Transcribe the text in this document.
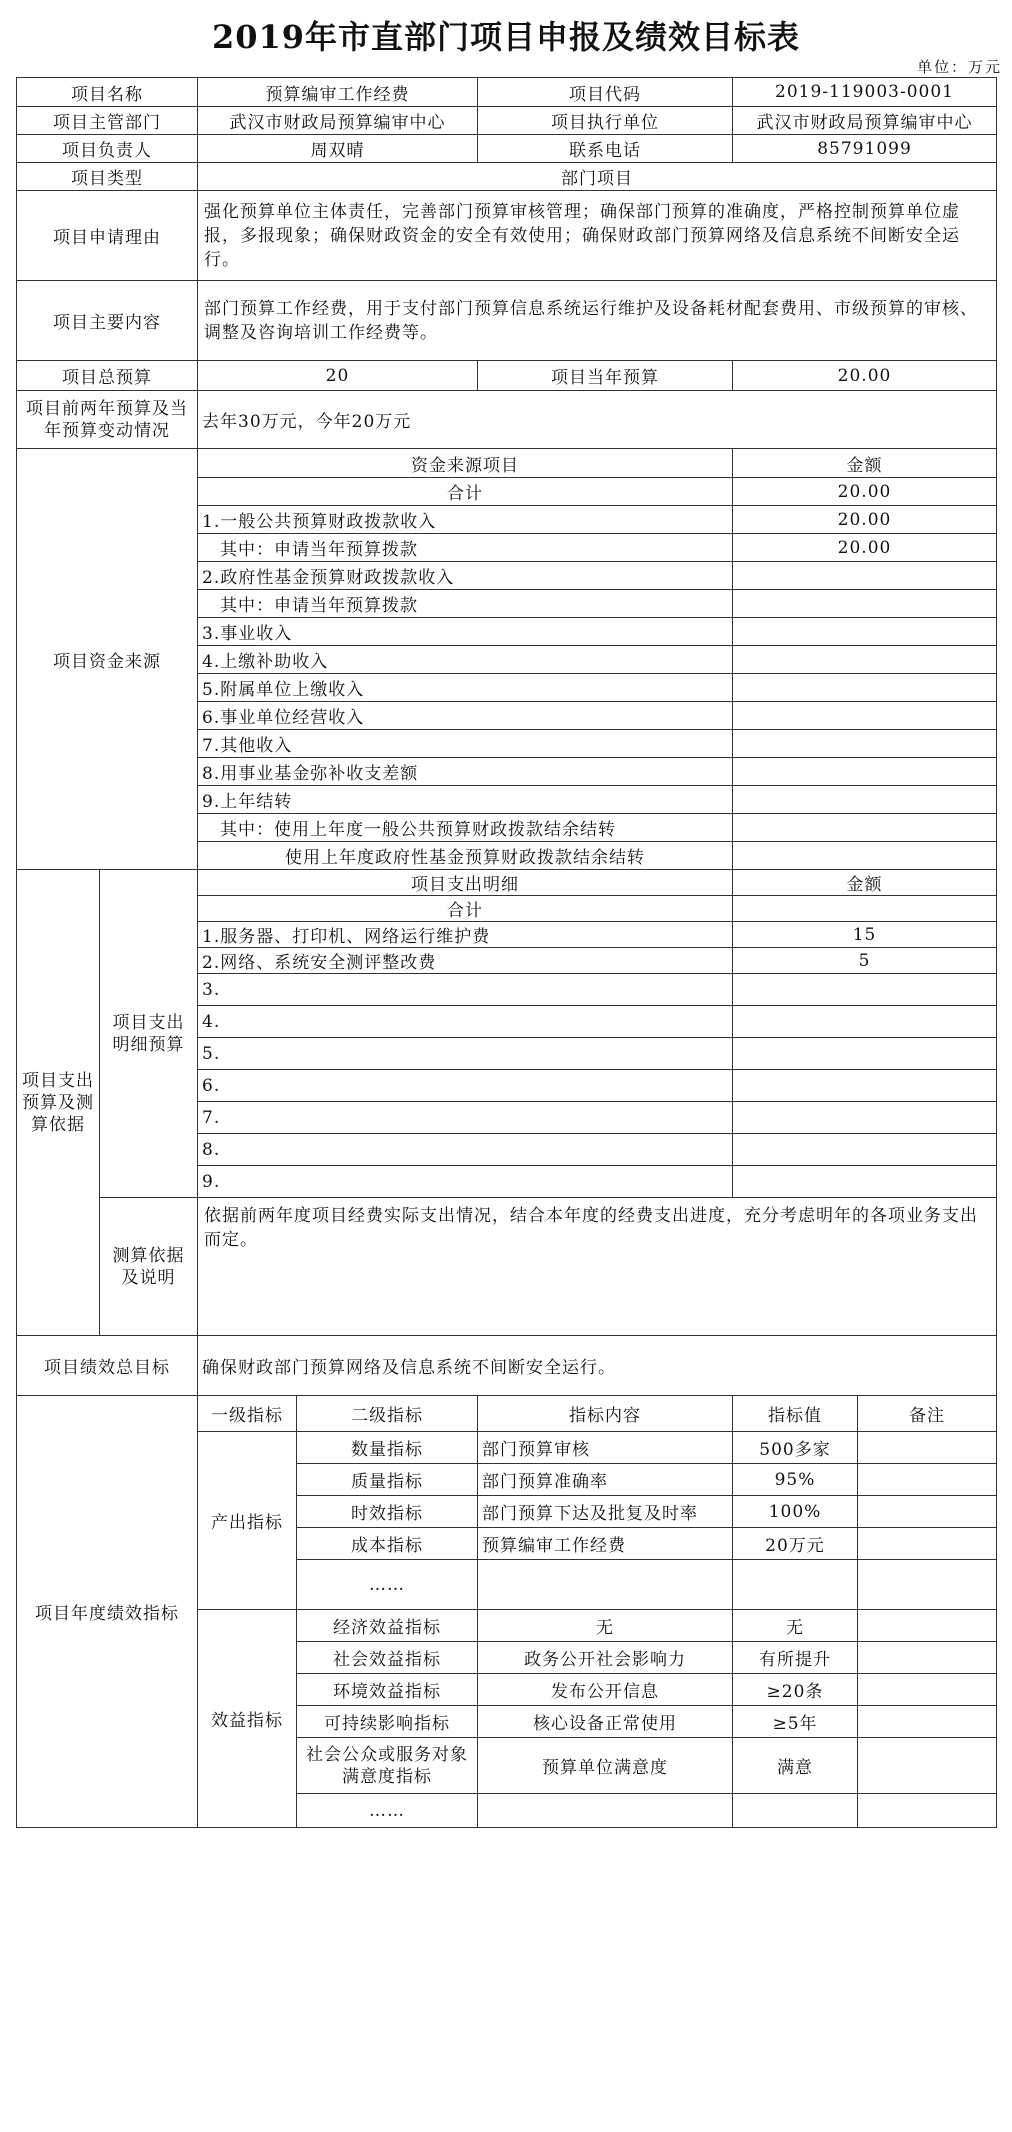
2019年市直部门项目申报及绩效目标表
单位：万元
项目名称		预算编审工作经费		项目代码	2019-119003-0001	
项目主管部门		武汉市财政局预算编审中心		项目执行单位	武汉市财政局预算编审中心	
项目负责人		周双晴		联系电话	85791099	
项目类型		部门项目				
项目申请理由		强化预算单位主体责任，完善部门预算审核管理；确保部门预算的准确度，严格控制预算单位虚报，多报现象；确保财政资金的安全有效使用；确保财政部门预算网络及信息系统不间断安全运行。				
项目主要内容		部门预算工作经费，用于支付部门预算信息系统运行维护及设备耗材配套费用、市级预算的审核、调整及咨询培训工作经费等。				
项目总预算		20		项目当年预算	20.00	
项目前两年预算及当年预算变动情况		去年30万元，今年20万元				
项目资金来源		资金来源项目			金额	
		合计			20.00	
		1.一般公共预算财政拨款收入			20.00	
		其中：申请当年预算拨款			20.00	
		2.政府性基金预算财政拨款收入				
		其中：申请当年预算拨款				
		3.事业收入				
		4.上缴补助收入				
		5.附属单位上缴收入				
		6.事业单位经营收入				
		7.其他收入				
		8.用事业基金弥补收支差额				
		9.上年结转				
		其中：使用上年度一般公共预算财政拨款结余结转				
		使用上年度政府性基金预算财政拨款结余结转				
项目支出预算及测算依据	项目支出明细预算	项目支出明细			金额	
		合计				
		1.服务器、打印机、网络运行维护费			15	
		2.网络、系统安全测评整改费			5	
		3.				
		4.				
		5.				
		6.				
		7.				
		8.				
		9.				
	测算依据及说明	依据前两年度项目经费实际支出情况，结合本年度的经费支出进度，充分考虑明年的各项业务支出而定。				
项目绩效总目标		确保财政部门预算网络及信息系统不间断安全运行。				
项目年度绩效指标		一级指标	二级指标	指标内容	指标值	备注
		产出指标	数量指标	部门预算审核	500多家	
			质量指标	部门预算准确率	95%	
			时效指标	部门预算下达及批复及时率	100%	
			成本指标	预算编审工作经费	20万元	
			……			
		效益指标	经济效益指标	无	无	
			社会效益指标	政务公开社会影响力	有所提升	
			环境效益指标	发布公开信息	≥20条	
			可持续影响指标	核心设备正常使用	≥5年	
			社会公众或服务对象满意度指标	预算单位满意度	满意	
			……			
